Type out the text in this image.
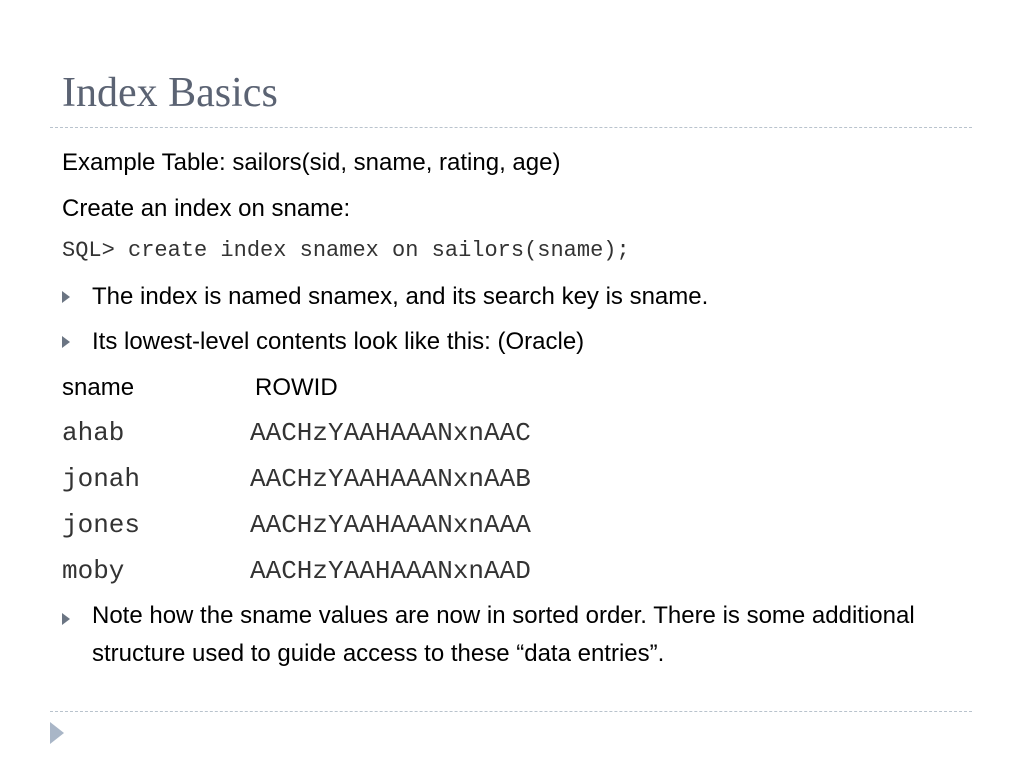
Index Basics
Example Table: sailors(sid, sname, rating, age)
Create an index on sname:
SQL> create index snamex on sailors(sname);
The index is named snamex, and its search key is sname.
Its lowest-level contents look like this: (Oracle)
sname	ROWID
ahab	AACHzYAAHAAANxnAAC
jonah	AACHzYAAHAAANxnAAB
jones	AACHzYAAHAAANxnAAA
moby	AACHzYAAHAAANxnAAD
Note how the sname values are now in sorted order. There is some additional structure used to guide access to these “data entries”.
